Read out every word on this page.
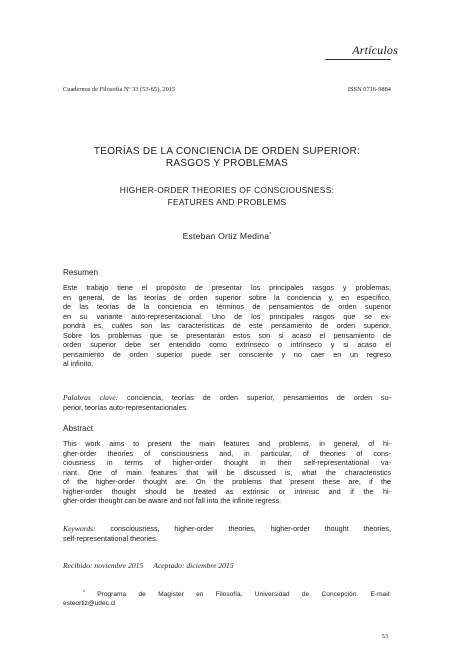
Artículos
Cuadernos de Filosofía Nº 33 (53-65), 2015	ISSN 0716-9884
TEORÍAS DE LA CONCIENCIA DE ORDEN SUPERIOR:
RASGOS Y PROBLEMAS
HIGHER-ORDER THEORIES OF CONSCIOUSNESS:
FEATURES AND PROBLEMS
Esteban Ortiz Medina*
Resumen
Este trabajo tiene el propósito de presentar los principales rasgos y problemas,
en general, de las teorías de orden superior sobre la conciencia y, en específico,
de las teorías de la conciencia en términos de pensamientos de orden superior
en su variante auto-representacional. Uno de los principales rasgos que se ex-
pondrá es, cuáles son las características de este pensamiento de orden superior.
Sobre los problemas que se presentarán estos son si acaso el pensamiento de
orden superior debe ser entendido como extrínseco o intrínseco y si acaso el
pensamiento de orden superior puede ser consciente y no caer en un regreso
al infinito.
Palabras clave: conciencia, teorías de orden superior, pensamientos de orden su-
perior, teorías auto-representacionales.
Abstract
This work aims to present the main features and problems, in general, of hi-
gher-order theories of consciousness and, in particular, of theories of cons-
ciousness in terms of higher-order thought in their self-representational va-
riant. One of main features that will be discussed is, what the characteristics
of the higher-order thought are. On the problems that present these are, if the
higher-order thought should be treated as extrinsic or intrinsic and if the hi-
gher-order thought can be aware and not fall into the infinite regress.
Keywords: consciousness, higher-order theories, higher-order thought theories,
self-representational theories.
Recibido: noviembre 2015 Aceptado: diciembre 2015
* Programa de Magíster en Filosofía, Universidad de Concepción. E-mail:
esteortiz@udec.cl
53
